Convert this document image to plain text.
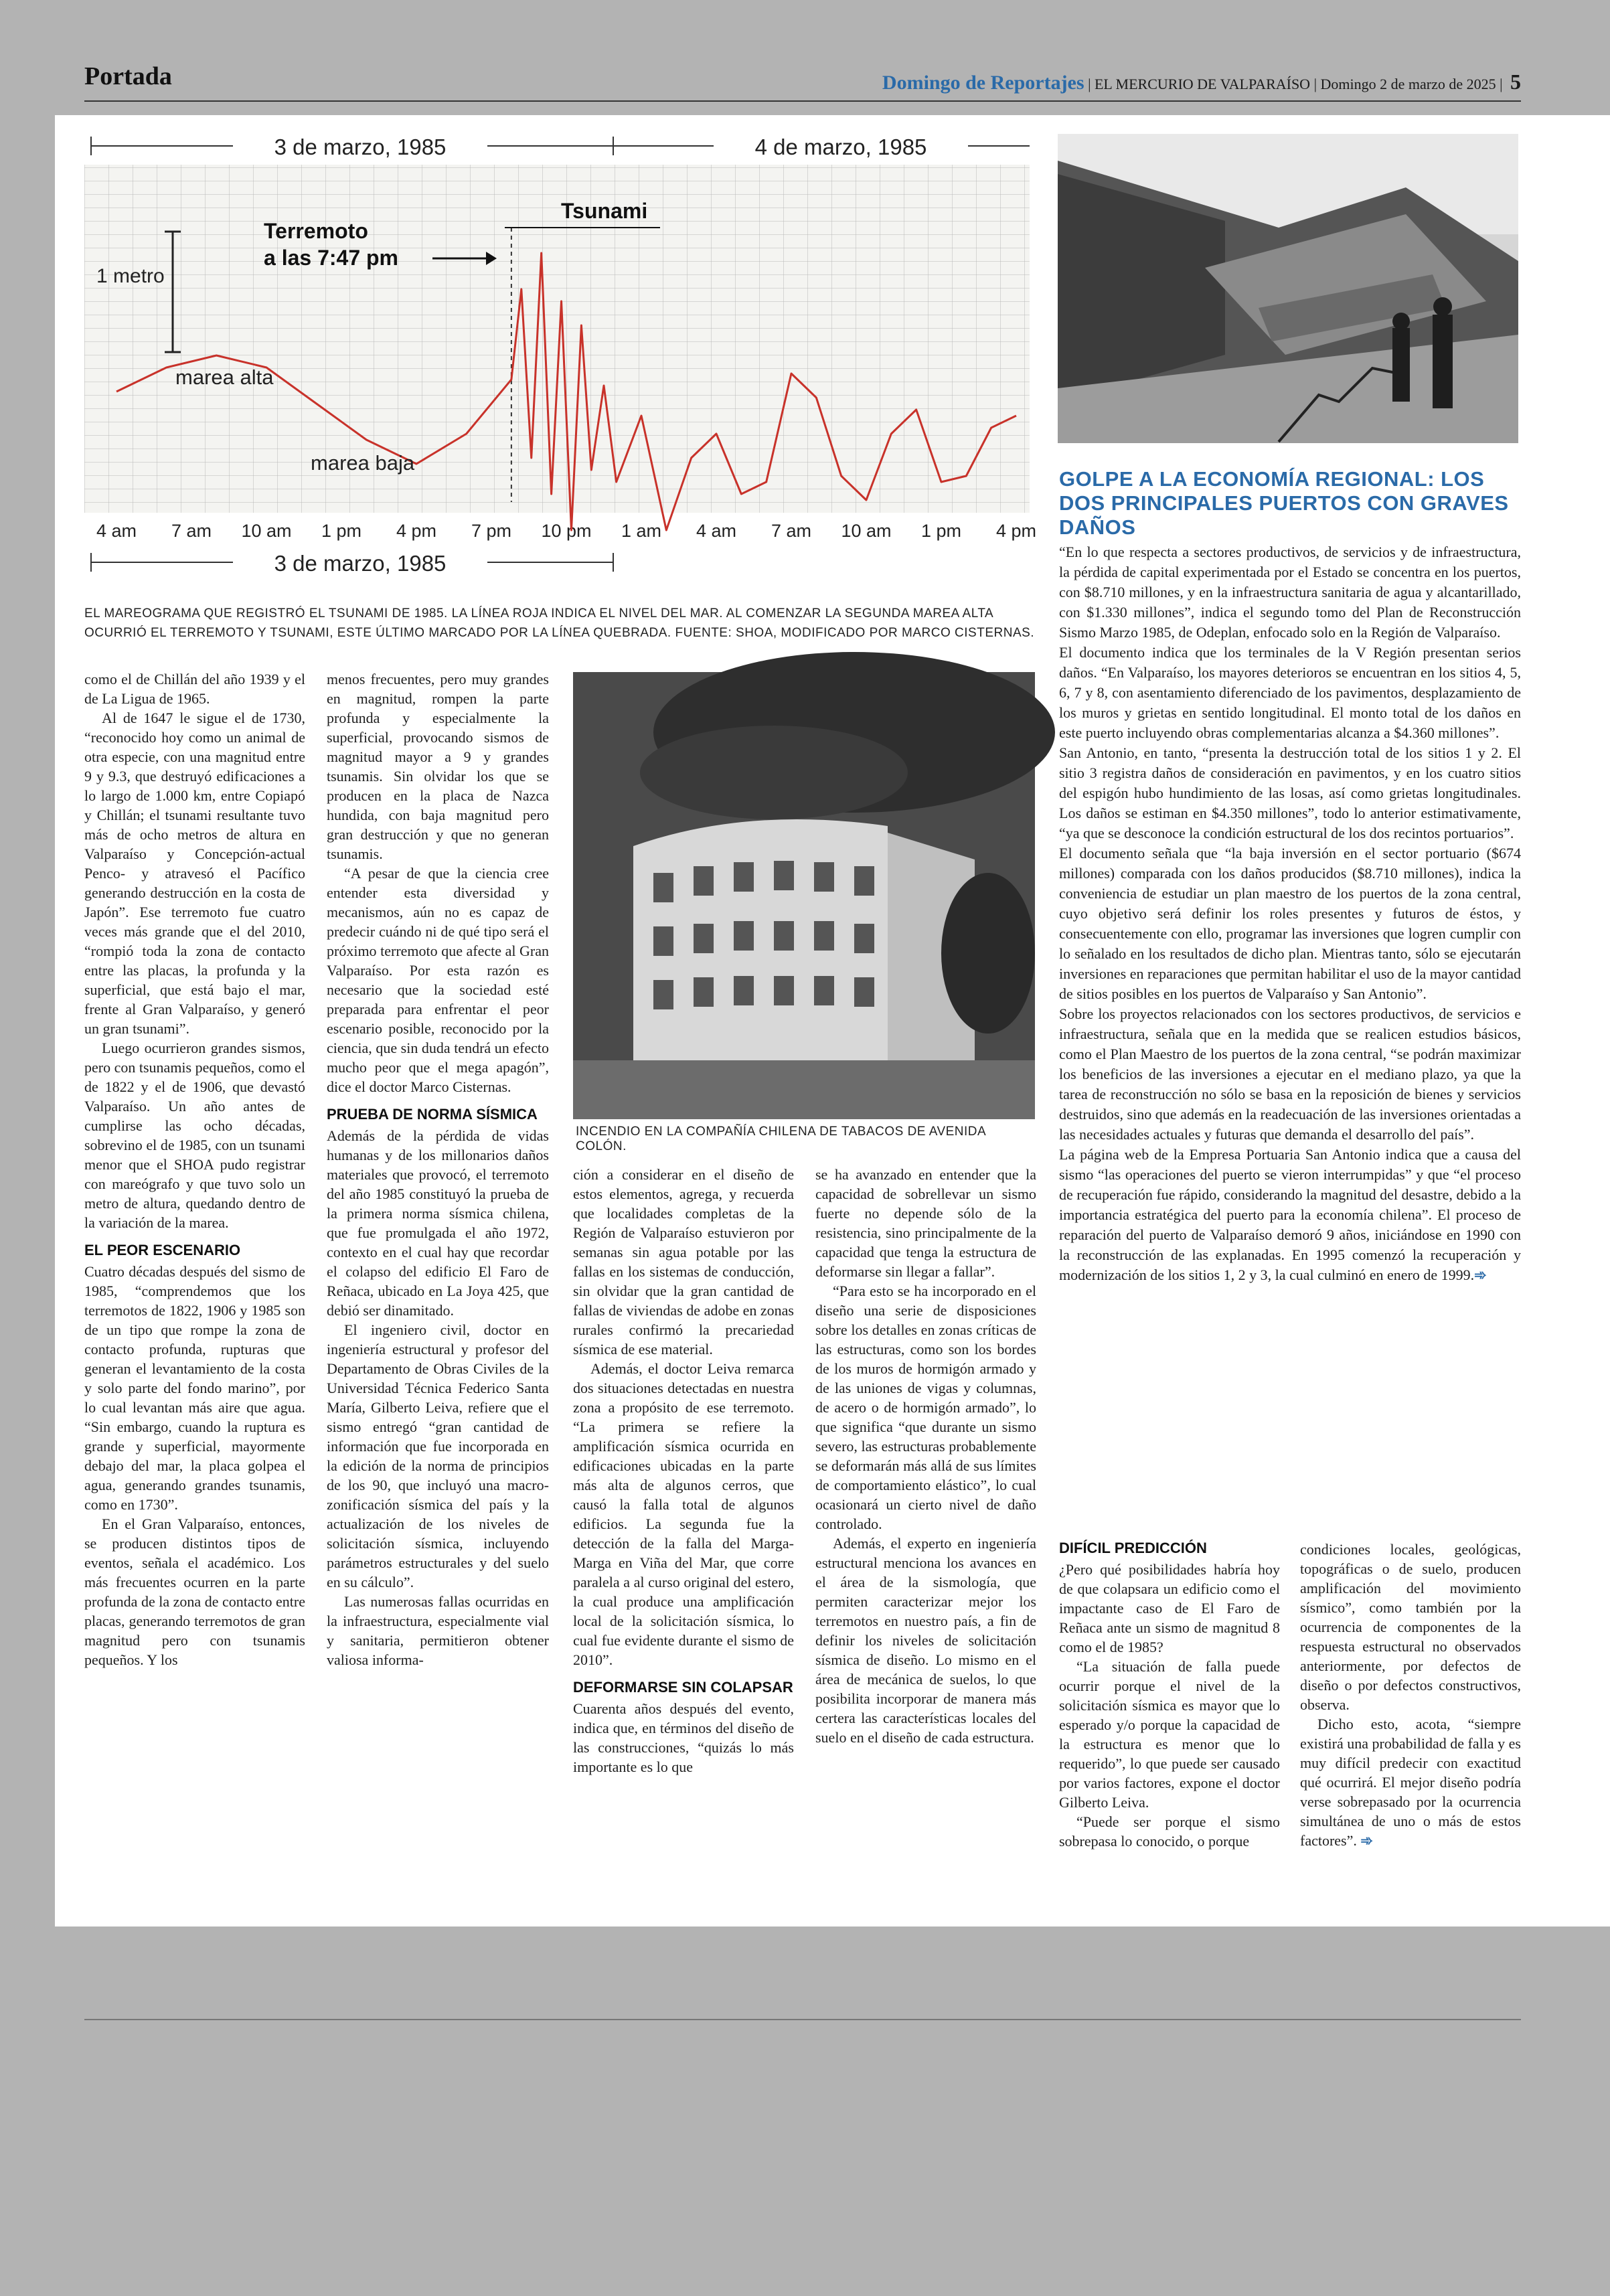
Portada	Domingo de Reportajes | EL MERCURIO DE VALPARAÍSO | Domingo 2 de marzo de 2025 | 5
4 am 7 am 10 am 1 pm 4 pm 7 pm 10 pm 1 am 4 am 7 am 10 am 1 pm 4 pm
3 de marzo, 1985	4 de marzo, 1985
3 de marzo, 1985
1 metro
Terremoto
a las 7:47 pm
Tsunami
marea alta
marea baja
EL MAREOGRAMA QUE REGISTRÓ EL TSUNAMI DE 1985. LA LÍNEA ROJA INDICA EL NIVEL DEL MAR. AL COMENZAR LA SEGUNDA MAREA ALTA OCURRIÓ EL TERREMOTO Y TSUNAMI, ESTE ÚLTIMO MARCADO POR LA LÍNEA QUEBRADA. FUENTE: SHOA, MODIFICADO POR MARCO CISTERNAS.
INCENDIO EN LA COMPAÑÍA CHILENA DE TABACOS DE AVENIDA COLÓN.
GOLPE A LA ECONOMÍA REGIONAL: LOS DOS PRINCIPALES PUERTOS CON GRAVES DAÑOS

como el de Chillán del año 1939 y el de La Ligua de 1965.

Al de 1647 le sigue el de 1730, “reconocido hoy como un animal de otra especie, con una magnitud entre 9 y 9.3, que destruyó edificaciones a lo largo de 1.000 km, entre Copiapó y Chillán; el tsunami resultante tuvo más de ocho metros de altura en Valparaíso y Concepción-actual Penco- y atravesó el Pacífico generando destrucción en la costa de Japón”. Ese terremoto fue cuatro veces más grande que el del 2010, “rompió toda la zona de contacto entre las placas, la profunda y la superficial, que está bajo el mar, frente al Gran Valparaíso, y generó un gran tsunami”.

Luego ocurrieron grandes sismos, pero con tsunamis pequeños, como el de 1822 y el de 1906, que devastó Valparaíso. Un año antes de cumplirse las ocho décadas, sobrevino el de 1985, con un tsunami menor que el SHOA pudo registrar con mareógrafo y que tuvo solo un metro de altura, quedando dentro de la variación de la marea.

EL PEOR ESCENARIO

Cuatro décadas después del sismo de 1985, “comprendemos que los terremotos de 1822, 1906 y 1985 son de un tipo que rompe la zona de contacto profunda, rupturas que generan el levantamiento de la costa y solo parte del fondo marino”, por lo cual levantan más aire que agua. “Sin embargo, cuando la ruptura es grande y superficial, mayormente debajo del mar, la placa golpea el agua, generando grandes tsunamis, como en 1730”.

En el Gran Valparaíso, entonces, se producen distintos tipos de eventos, señala el académico. Los más frecuentes ocurren en la parte profunda de la zona de contacto entre placas, generando terremotos de gran magnitud pero con tsunamis pequeños. Y los

menos frecuentes, pero muy grandes en magnitud, rompen la parte profunda y especialmente la superficial, provocando sismos de magnitud mayor a 9 y grandes tsunamis. Sin olvidar los que se producen en la placa de Nazca hundida, con baja magnitud pero gran destrucción y que no generan tsunamis.

“A pesar de que la ciencia cree entender esta diversidad y mecanismos, aún no es capaz de predecir cuándo ni de qué tipo será el próximo terremoto que afecte al Gran Valparaíso. Por esta razón es necesario que la sociedad esté preparada para enfrentar el peor escenario posible, reconocido por la ciencia, que sin duda tendrá un efecto mucho peor que el mega apagón”, dice el doctor Marco Cisternas.

PRUEBA DE NORMA SÍSMICA

Además de la pérdida de vidas humanas y de los millonarios daños materiales que provocó, el terremoto del año 1985 constituyó la prueba de la primera norma sísmica chilena, que fue promulgada el año 1972, contexto en el cual hay que recordar el colapso del edificio El Faro de Reñaca, ubicado en La Joya 425, que debió ser dinamitado.

El ingeniero civil, doctor en ingeniería estructural y profesor del Departamento de Obras Civiles de la Universidad Técnica Federico Santa María, Gilberto Leiva, refiere que el sismo entregó “gran cantidad de información que fue incorporada en la edición de la norma de principios de los 90, que incluyó una macro-zonificación sísmica del país y la actualización de los niveles de solicitación sísmica, incluyendo parámetros estructurales y del suelo en su cálculo”.

Las numerosas fallas ocurridas en la infraestructura, especialmente vial y sanitaria, permitieron obtener valiosa informa-

ción a considerar en el diseño de estos elementos, agrega, y recuerda que localidades completas de la Región de Valparaíso estuvieron por semanas sin agua potable por las fallas en los sistemas de conducción, sin olvidar que la gran cantidad de fallas de viviendas de adobe en zonas rurales confirmó la precariedad sísmica de ese material.

Además, el doctor Leiva remarca dos situaciones detectadas en nuestra zona a propósito de ese terremoto. “La primera se refiere la amplificación sísmica ocurrida en edificaciones ubicadas en la parte más alta de algunos cerros, que causó la falla total de algunos edificios. La segunda fue la detección de la falla del Marga-Marga en Viña del Mar, que corre paralela a al curso original del estero, la cual produce una amplificación local de la solicitación sísmica, lo cual fue evidente durante el sismo de 2010”.

DEFORMARSE SIN COLAPSAR

Cuarenta años después del evento, indica que, en términos del diseño de las construcciones, “quizás lo más importante es lo que

se ha avanzado en entender que la capacidad de sobrellevar un sismo fuerte no depende sólo de la resistencia, sino principalmente de la capacidad que tenga la estructura de deformarse sin llegar a fallar”.

“Para esto se ha incorporado en el diseño una serie de disposiciones sobre los detalles en zonas críticas de las estructuras, como son los bordes de los muros de hormigón armado y de las uniones de vigas y columnas, de acero o de hormigón armado”, lo que significa “que durante un sismo severo, las estructuras probablemente se deformarán más allá de sus límites de comportamiento elástico”, lo cual ocasionará un cierto nivel de daño controlado.

Además, el experto en ingeniería estructural menciona los avances en el área de la sismología, que permiten caracterizar mejor los terremotos en nuestro país, a fin de definir los niveles de solicitación sísmica de diseño. Lo mismo en el área de mecánica de suelos, lo que posibilita incorporar de manera más certera las características locales del suelo en el diseño de cada estructura.

“En lo que respecta a sectores productivos, de servicios y de infraestructura, la pérdida de capital experimentada por el Estado se concentra en los puertos, con $8.710 millones, y en la infraestructura sanitaria de agua y alcantarillado, con $1.330 millones”, indica el segundo tomo del Plan de Reconstrucción Sismo Marzo 1985, de Odeplan, enfocado solo en la Región de Valparaíso.

El documento indica que los terminales de la V Región presentan serios daños. “En Valparaíso, los mayores deterioros se encuentran en los sitios 4, 5, 6, 7 y 8, con asentamiento diferenciado de los pavimentos, desplazamiento de los muros y grietas en sentido longitudinal. El monto total de los daños en este puerto incluyendo obras complementarias alcanza a $4.360 millones”.

San Antonio, en tanto, “presenta la destrucción total de los sitios 1 y 2. El sitio 3 registra daños de consideración en pavimentos, y en los cuatro sitios del espigón hubo hundimiento de las losas, así como grietas longitudinales. Los daños se estiman en $4.350 millones”, todo lo anterior estimativamente, “ya que se desconoce la condición estructural de los dos recintos portuarios”.

El documento señala que “la baja inversión en el sector portuario ($674 millones) comparada con los daños producidos ($8.710 millones), indica la conveniencia de estudiar un plan maestro de los puertos de la zona central, cuyo objetivo será definir los roles presentes y futuros de éstos, y consecuentemente con ello, programar las inversiones que logren cumplir con lo señalado en los resultados de dicho plan. Mientras tanto, sólo se ejecutarán inversiones en reparaciones que permitan habilitar el uso de la mayor cantidad de sitios posibles en los puertos de Valparaíso y San Antonio”.

Sobre los proyectos relacionados con los sectores productivos, de servicios e infraestructura, señala que en la medida que se realicen estudios básicos, como el Plan Maestro de los puertos de la zona central, “se podrán maximizar los beneficios de las inversiones a ejecutar en el mediano plazo, ya que la tarea de reconstrucción no sólo se basa en la reposición de bienes y servicios destruidos, sino que además en la readecuación de las inversiones orientadas a las necesidades actuales y futuras que demanda el desarrollo del país”.

La página web de la Empresa Portuaria San Antonio indica que a causa del sismo “las operaciones del puerto se vieron interrumpidas” y que “el proceso de recuperación fue rápido, considerando la magnitud del desastre, debido a la importancia estratégica del puerto para la economía chilena”. El proceso de reparación del puerto de Valparaíso demoró 9 años, iniciándose en 1990 con la reconstrucción de las explanadas. En 1995 comenzó la recuperación y modernización de los sitios 1, 2 y 3, la cual culminó en enero de 1999.➾

DIFÍCIL PREDICCIÓN

¿Pero qué posibilidades habría hoy de que colapsara un edificio como el impactante caso de El Faro de Reñaca ante un sismo de magnitud 8 como el de 1985?

“La situación de falla puede ocurrir porque el nivel de la solicitación sísmica es mayor que lo esperado y/o porque la capacidad de la estructura es menor que lo requerido”, lo que puede ser causado por varios factores, expone el doctor Gilberto Leiva.

“Puede ser porque el sismo sobrepasa lo conocido, o porque

condiciones locales, geológicas, topográficas o de suelo, producen amplificación del movimiento sísmico”, como también por la ocurrencia de componentes de la respuesta estructural no observados anteriormente, por defectos de diseño o por defectos constructivos, observa.

Dicho esto, acota, “siempre existirá una probabilidad de falla y es muy difícil predecir con exactitud qué ocurrirá. El mejor diseño podría verse sobrepasado por la ocurrencia simultánea de uno o más de estos factores”. ➾
